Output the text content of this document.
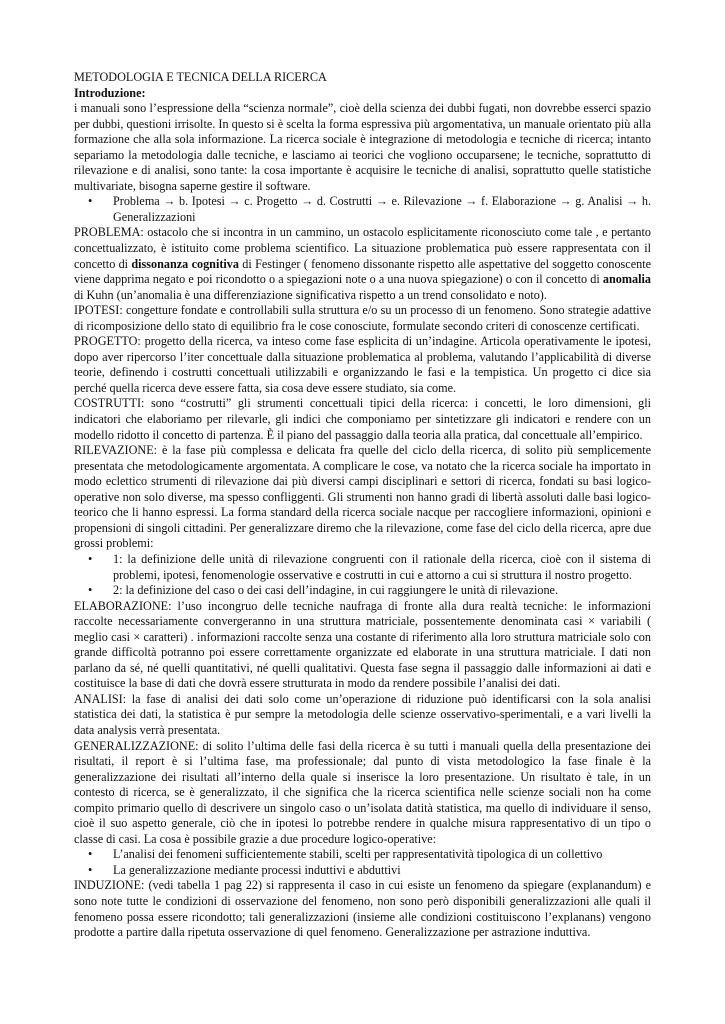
METODOLOGIA E TECNICA DELLA RICERCA

Introduzione:

i manuali sono l’espressione della “scienza normale”, cioè della scienza dei dubbi fugati, non dovrebbe esserci spazio per dubbi, questioni irrisolte. In questo si è scelta la forma espressiva più argomentativa, un manuale orientato più alla formazione che alla sola informazione. La ricerca sociale è integrazione di metodologia e tecniche di ricerca; intanto separiamo la metodologia dalle tecniche, e lasciamo ai teorici che vogliono occuparsene; le tecniche, soprattutto di rilevazione e di analisi, sono tante: la cosa importante è acquisire le tecniche di analisi, soprattutto quelle statistiche multivariate, bisogna saperne gestire il software.

• Problema → b. Ipotesi → c. Progetto → d. Costrutti → e. Rilevazione → f. Elaborazione → g. Analisi → h. Generalizzazioni

PROBLEMA: ostacolo che si incontra in un cammino, un ostacolo esplicitamente riconosciuto come tale , e pertanto concettualizzato, è istituito come problema scientifico. La situazione problematica può essere rappresentata con il concetto di dissonanza cognitiva di Festinger ( fenomeno dissonante rispetto alle aspettative del soggetto conoscente viene dapprima negato e poi ricondotto o a spiegazioni note o a una nuova spiegazione) o con il concetto di anomalia di Kuhn (un’anomalia è una differenziazione significativa rispetto a un trend consolidato e noto).

IPOTESI: congetture fondate e controllabili sulla struttura e/o su un processo di un fenomeno. Sono strategie adattive di ricomposizione dello stato di equilibrio fra le cose conosciute, formulate secondo criteri di conoscenze certificati.

PROGETTO: progetto della ricerca, va inteso come fase esplicita di un’indagine. Articola operativamente le ipotesi, dopo aver ripercorso l’iter concettuale dalla situazione problematica al problema, valutando l’applicabilità di diverse teorie, definendo i costrutti concettuali utilizzabili e organizzando le fasi e la tempistica. Un progetto ci dice sia perché quella ricerca deve essere fatta, sia cosa deve essere studiato, sia come.

COSTRUTTI: sono “costrutti” gli strumenti concettuali tipici della ricerca: i concetti, le loro dimensioni, gli indicatori che elaboriamo per rilevarle, gli indici che componiamo per sintetizzare gli indicatori e rendere con un modello ridotto il concetto di partenza. È il piano del passaggio dalla teoria alla pratica, dal concettuale all’empirico.

RILEVAZIONE: è la fase più complessa e delicata fra quelle del ciclo della ricerca, di solito più semplicemente presentata che metodologicamente argomentata. A complicare le cose, va notato che la ricerca sociale ha importato in modo eclettico strumenti di rilevazione dai più diversi campi disciplinari e settori di ricerca, fondati su basi logico-operative non solo diverse, ma spesso confliggenti. Gli strumenti non hanno gradi di libertà assoluti dalle basi logico-teorico che li hanno espressi. La forma standard della ricerca sociale nacque per raccogliere informazioni, opinioni e propensioni di singoli cittadini. Per generalizzare diremo che la rilevazione, come fase del ciclo della ricerca, apre due grossi problemi:

• 1: la definizione delle unità di rilevazione congruenti con il rationale della ricerca, cioè con il sistema di problemi, ipotesi, fenomenologie osservative e costrutti in cui e attorno a cui si struttura il nostro progetto.
• 2: la definizione del caso o dei casi dell’indagine, in cui raggiungere le unità di rilevazione.

ELABORAZIONE: l’uso incongruo delle tecniche naufraga di fronte alla dura realtà tecniche: le informazioni raccolte necessariamente convergeranno in una struttura matriciale, possentemente denominata casi × variabili ( meglio casi × caratteri) . informazioni raccolte senza una costante di riferimento alla loro struttura matriciale solo con grande difficoltà potranno poi essere correttamente organizzate ed elaborate in una struttura matriciale. I dati non parlano da sé, né quelli quantitativi, né quelli qualitativi. Questa fase segna il passaggio dalle informazioni ai dati e costituisce la base di dati che dovrà essere strutturata in modo da rendere possibile l’analisi dei dati.

ANALISI: la fase di analisi dei dati solo come un’operazione di riduzione può identificarsi con la sola analisi statistica dei dati, la statistica è pur sempre la metodologia delle scienze osservativo-sperimentali, e a vari livelli la data analysis verrà presentata.

GENERALIZZAZIONE: di solito l’ultima delle fasi della ricerca è su tutti i manuali quella della presentazione dei risultati, il report è si l’ultima fase, ma professionale; dal punto di vista metodologico la fase finale è la generalizzazione dei risultati all’interno della quale si inserisce la loro presentazione. Un risultato è tale, in un contesto di ricerca, se è generalizzato, il che significa che la ricerca scientifica nelle scienze sociali non ha come compito primario quello di descrivere un singolo caso o un’isolata datità statistica, ma quello di individuare il senso, cioè il suo aspetto generale, ciò che in ipotesi lo potrebbe rendere in qualche misura rappresentativo di un tipo o classe di casi. La cosa è possibile grazie a due procedure logico-operative:

• L’analisi dei fenomeni sufficientemente stabili, scelti per rappresentatività tipologica di un collettivo
• La generalizzazione mediante processi induttivi e abduttivi

INDUZIONE: (vedi tabella 1 pag 22) si rappresenta il caso in cui esiste un fenomeno da spiegare (explanandum) e sono note tutte le condizioni di osservazione del fenomeno, non sono però disponibili generalizzazioni alle quali il fenomeno possa essere ricondotto; tali generalizzazioni (insieme alle condizioni costituiscono l’explanans) vengono prodotte a partire dalla ripetuta osservazione di quel fenomeno. Generalizzazione per astrazione induttiva.
